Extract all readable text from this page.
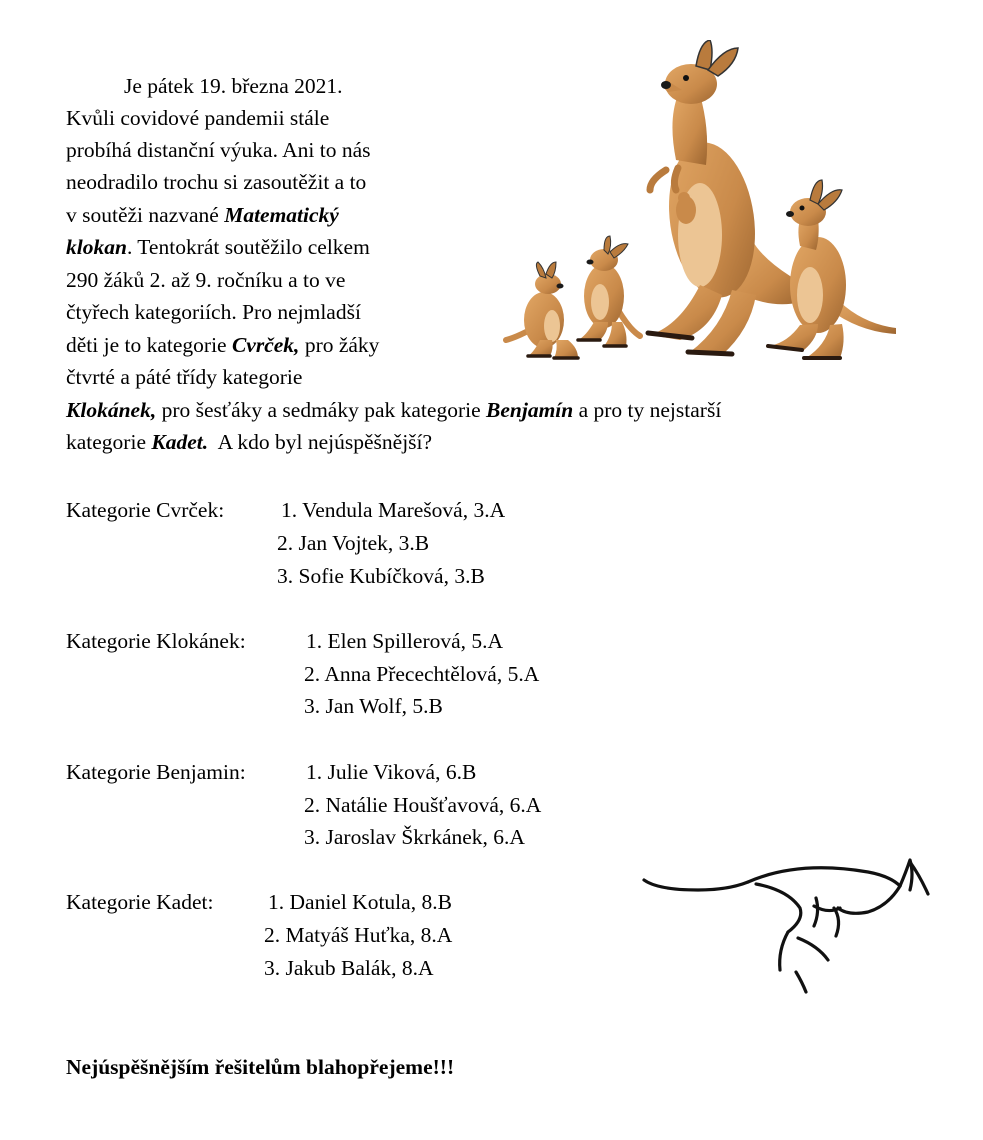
Je pátek 19. března 2021.
Kvůli covidové pandemii stále
probíhá distanční výuka. Ani to nás
neodradilo trochu si zasoutěžit a to
v soutěži nazvané Matematický
klokan. Tentokrát soutěžilo celkem
290 žáků 2. až 9. ročníku a to ve
čtyřech kategoriích. Pro nejmladší
děti je to kategorie Cvrček, pro žáky
čtvrté a páté třídy kategorie
Klokánek, pro šesťáky a sedmáky pak kategorie Benjamín a pro ty nejstarší
kategorie Kadet.  A kdo byl nejúspěšnější?
Kategorie Cvrček:	1. Vendula Marešová, 3.A
2. Jan Vojtek, 3.B
3. Sofie Kubíčková, 3.B
Kategorie Klokánek:	1. Elen Spillerová, 5.A
2. Anna Přecechtělová, 5.A
3. Jan Wolf, 5.B
Kategorie Benjamin:	1. Julie Viková, 6.B
2. Natálie Houšťavová, 6.A
3. Jaroslav Škrkánek, 6.A
Kategorie Kadet:	1. Daniel Kotula, 8.B
2. Matyáš Huťka, 8.A
3. Jakub Balák, 8.A
Nejúspěšnějším řešitelům blahopřejeme!!!
